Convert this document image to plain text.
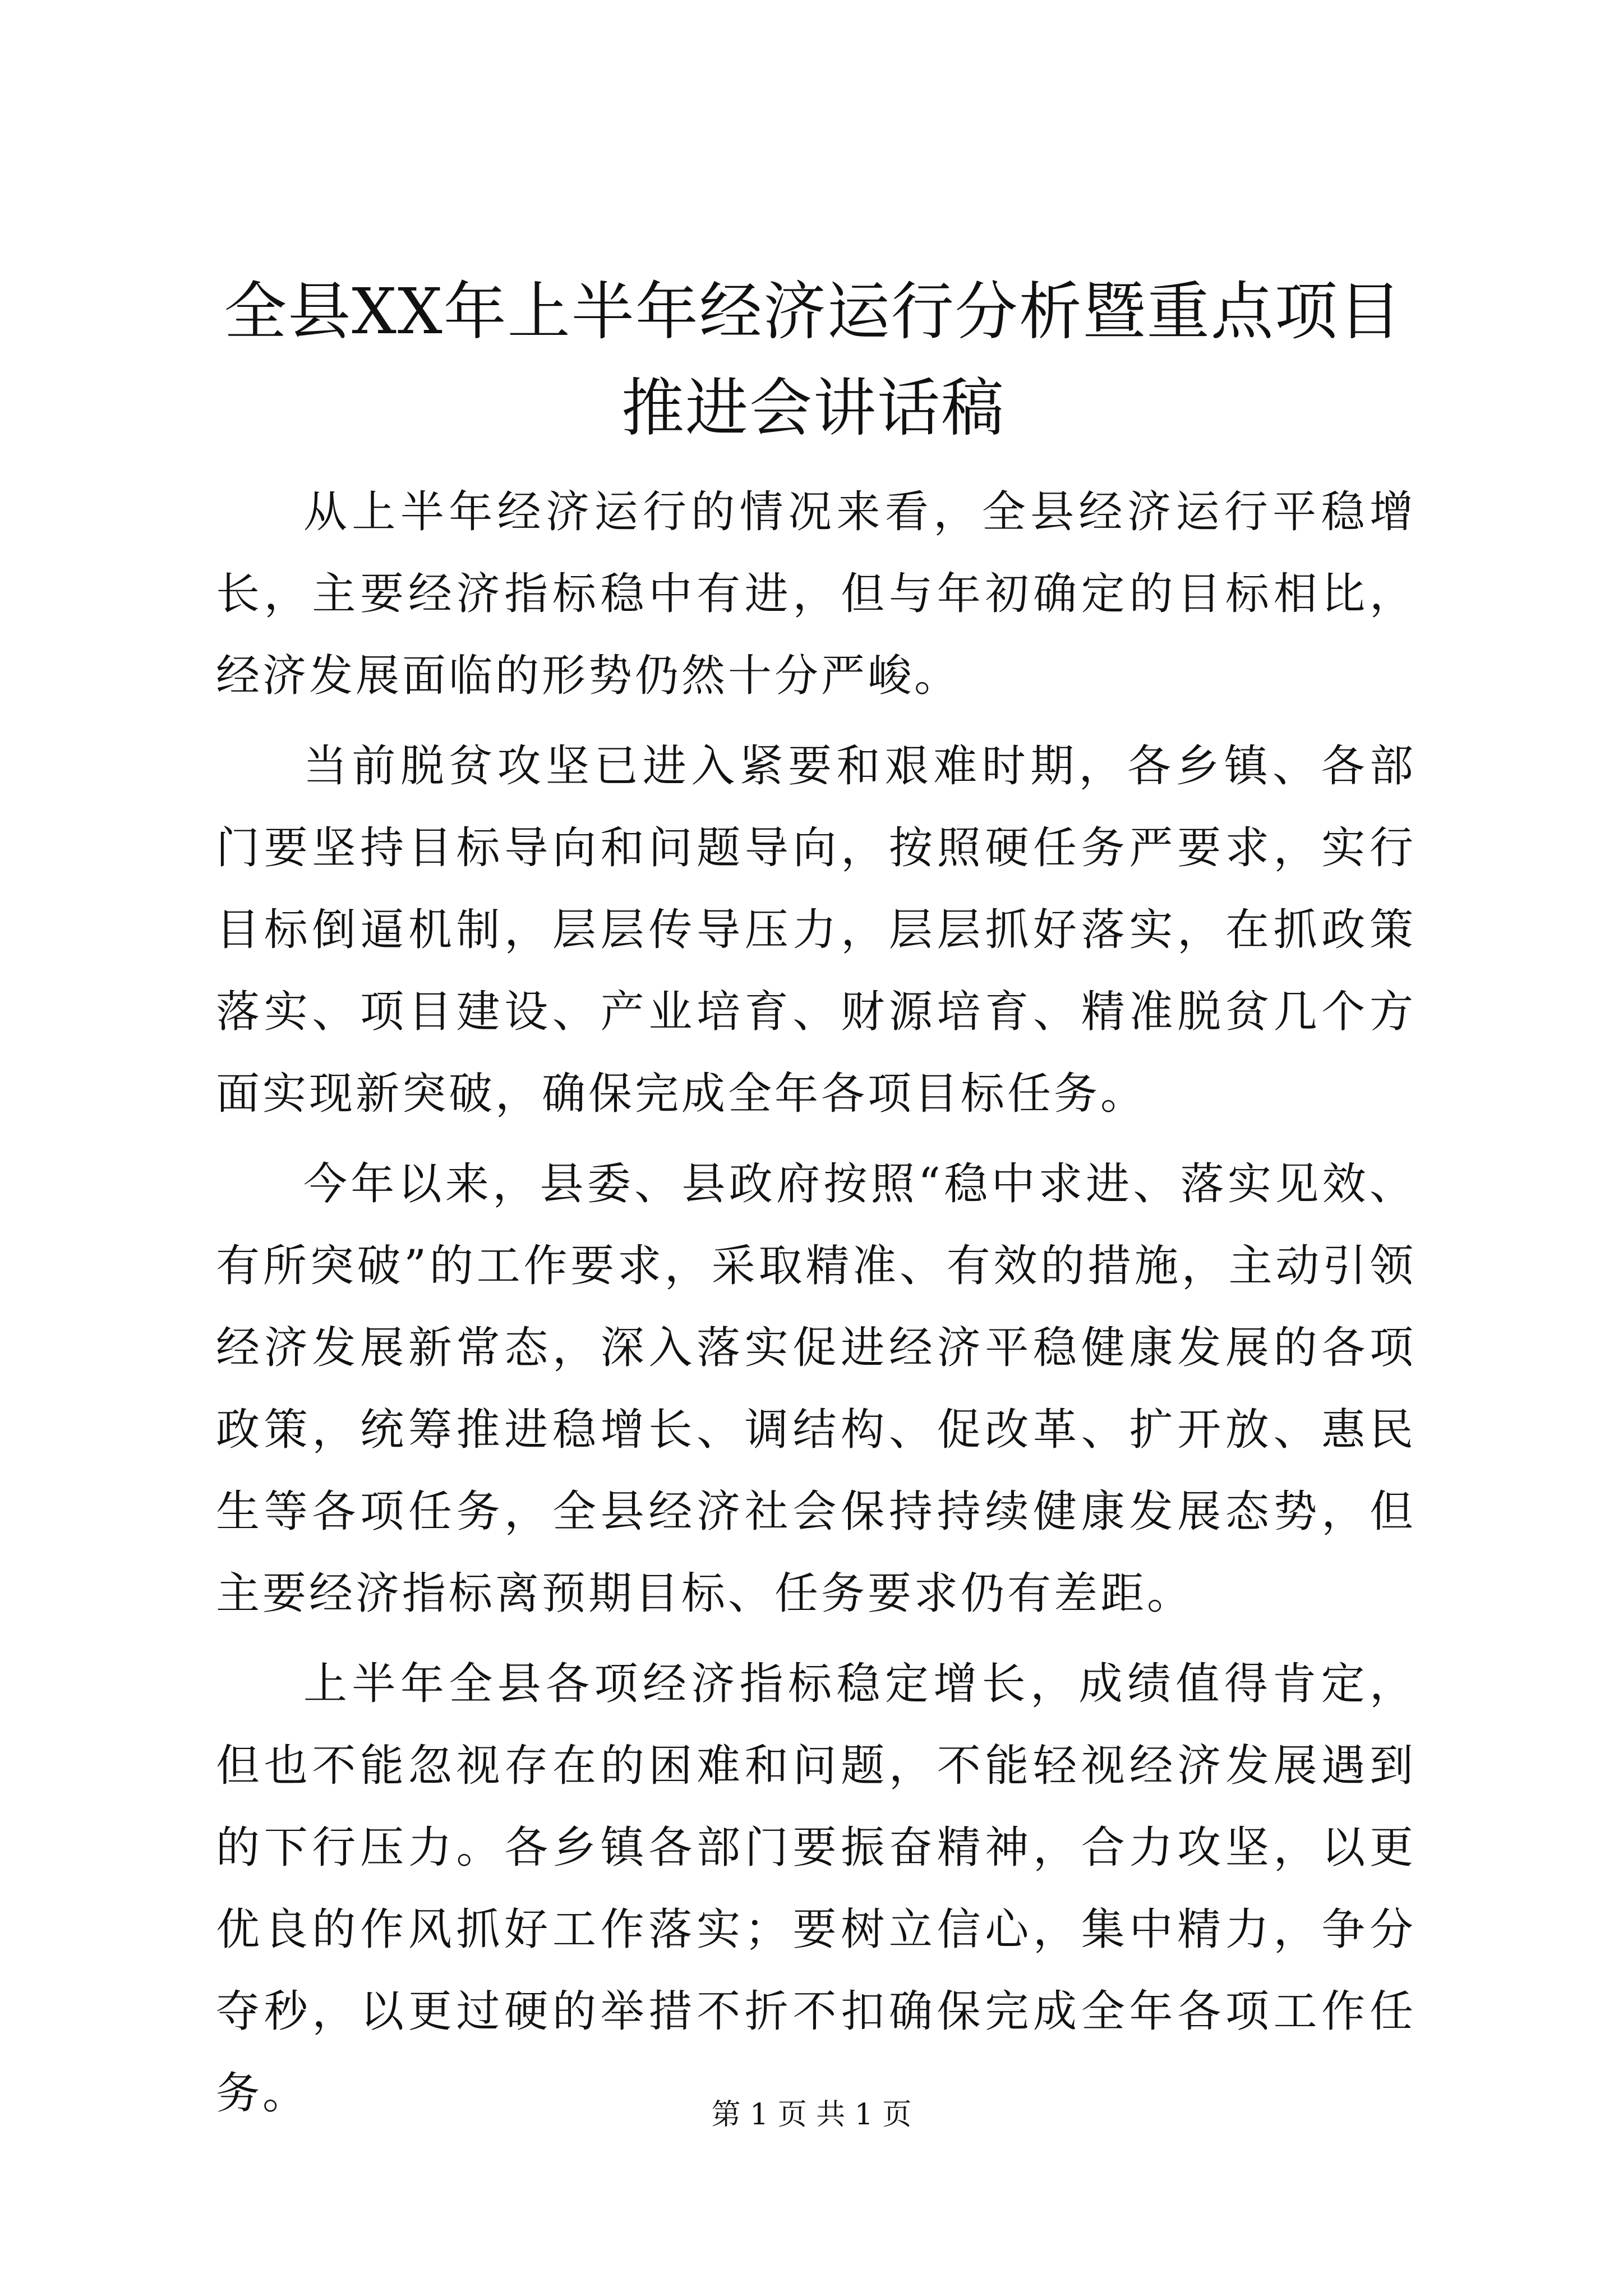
全县XX年上半年经济运行分析暨重点项目推进会讲话稿

从上半年经济运行的情况来看，全县经济运行平稳增长，主要经济指标稳中有进，但与年初确定的目标相比，经济发展面临的形势仍然十分严峻。

当前脱贫攻坚已进入紧要和艰难时期，各乡镇、各部门要坚持目标导向和问题导向，按照硬任务严要求，实行目标倒逼机制，层层传导压力，层层抓好落实，在抓政策落实、项目建设、产业培育、财源培育、精准脱贫几个方面实现新突破，确保完成全年各项目标任务。

今年以来，县委、县政府按照“稳中求进、落实见效、有所突破”的工作要求，采取精准、有效的措施，主动引领经济发展新常态，深入落实促进经济平稳健康发展的各项政策，统筹推进稳增长、调结构、促改革、扩开放、惠民生等各项任务，全县经济社会保持持续健康发展态势，但主要经济指标离预期目标、任务要求仍有差距。

上半年全县各项经济指标稳定增长，成绩值得肯定，但也不能忽视存在的困难和问题，不能轻视经济发展遇到的下行压力。各乡镇各部门要振奋精神，合力攻坚，以更优良的作风抓好工作落实；要树立信心，集中精力，争分夺秒，以更过硬的举措不折不扣确保完成全年各项工作任务。	第 1 页 共 1 页
